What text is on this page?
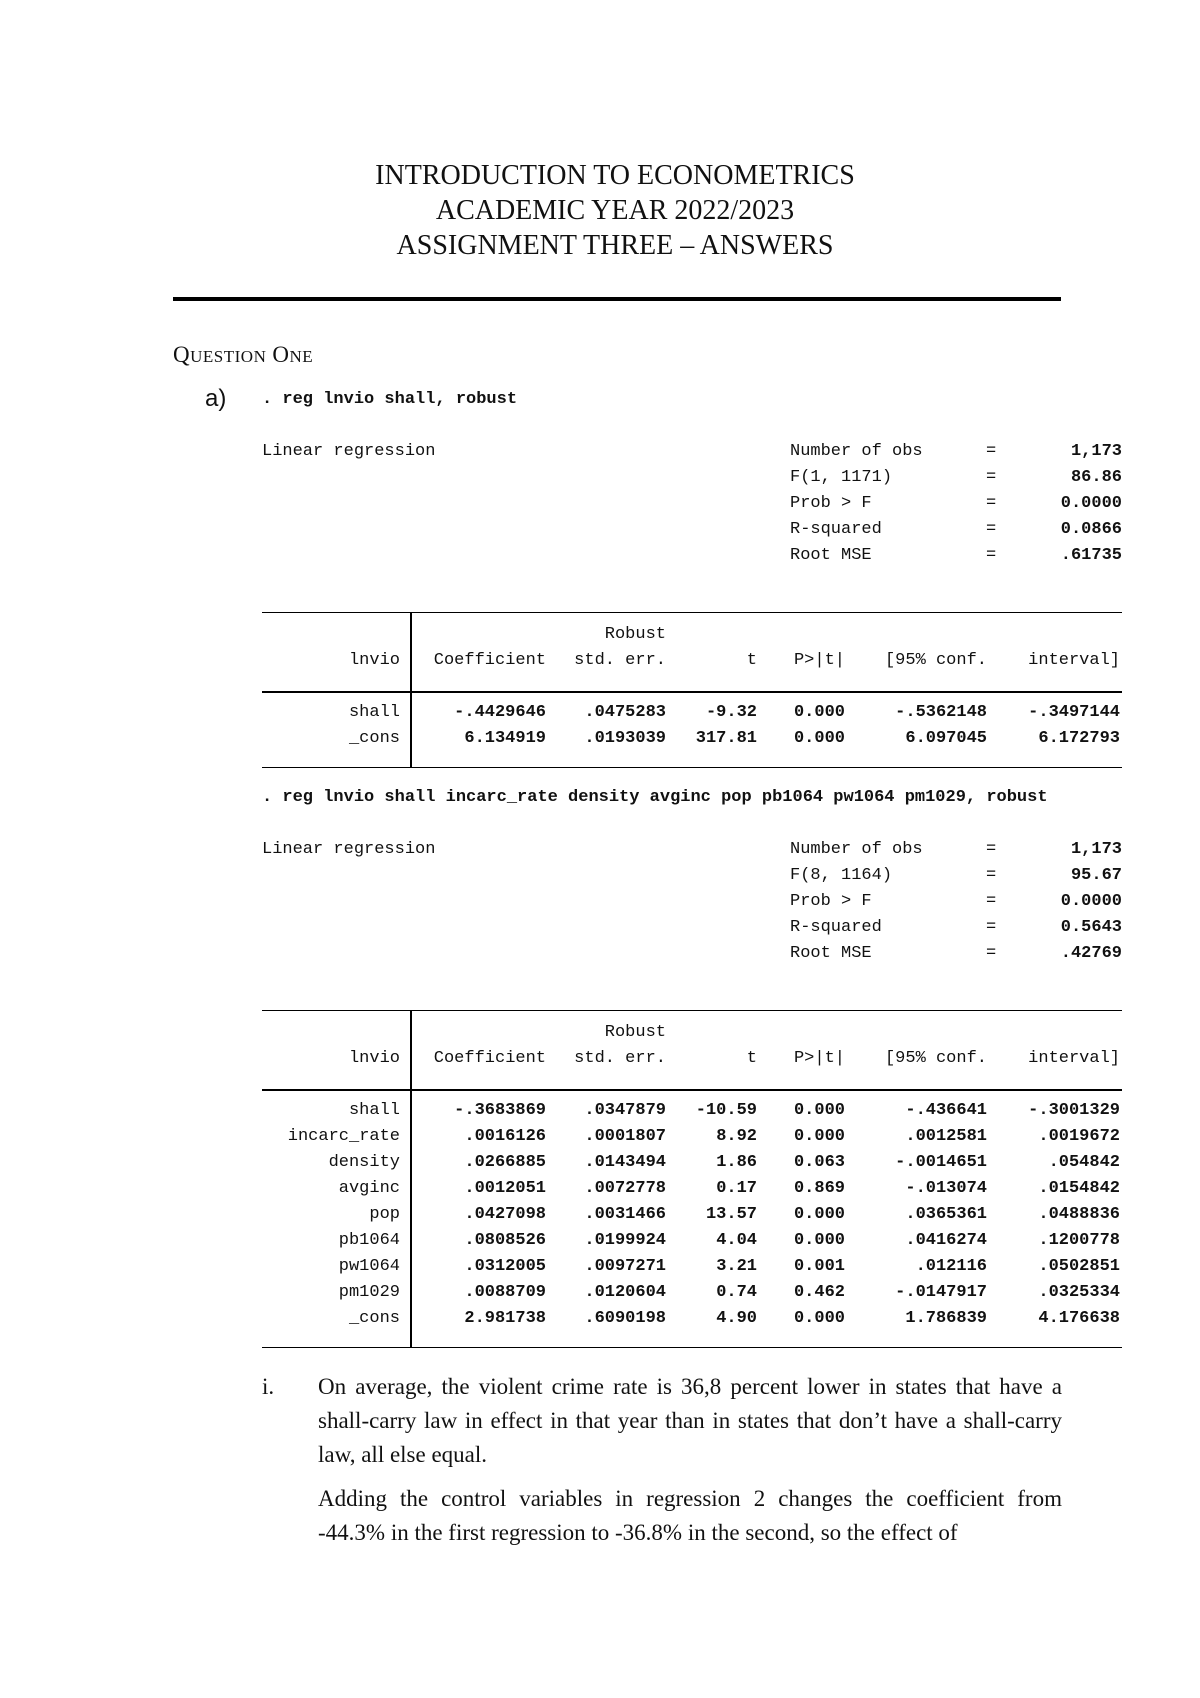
INTRODUCTION TO ECONOMETRICS
ACADEMIC YEAR 2022/2023
ASSIGNMENT THREE – ANSWERS
QUESTION ONE
a) . reg lnvio shall, robust
Linear regression	Number of obs	=	1,173
F(1, 1171)	=	86.86
Prob > F	=	0.0000
R-squared	=	0.0866
Root MSE	=	.61735
Robust
lnvio Coefficient std. err.	t P>|t| [95% conf. interval]
shall	-.4429646 .0475283 -9.32 0.000	-.5362148 -.3497144
_cons	6.134919 .0193039 317.81 0.000	6.097045	6.172793
. reg lnvio shall incarc_rate density avginc pop pb1064 pw1064 pm1029, robust
Linear regression	Number of obs	=	1,173
F(8, 1164)	=	95.67
Prob > F	=	0.0000
R-squared	=	0.5643
Root MSE	=	.42769
Robust
lnvio Coefficient std. err.	t P>|t| [95% conf. interval]
shall	-.3683869 .0347879 -10.59 0.000	-.436641 -.3001329
incarc_rate	.0016126 .0001807	8.92 0.000	.0012581	.0019672
density	.0266885 .0143494	1.86 0.063	-.0014651	.054842
avginc	.0012051 .0072778	0.17 0.869	-.013074	.0154842
pop	.0427098 .0031466 13.57 0.000	.0365361	.0488836
pb1064	.0808526 .0199924	4.04 0.000	.0416274	.1200778
pw1064	.0312005 .0097271	3.21 0.001	.012116	.0502851
pm1029	.0088709 .0120604	0.74 0.462	-.0147917	.0325334
_cons	2.981738 .6090198	4.90 0.000	1.786839	4.176638
i. On average, the violent crime rate is 36,8 percent lower in states that have a shall-carry law in effect in that year than in states that don’t have a shall-carry law, all else equal.

Adding the control variables in regression 2 changes the coefficient from -44.3% in the first regression to -36.8% in the second, so the effect of
